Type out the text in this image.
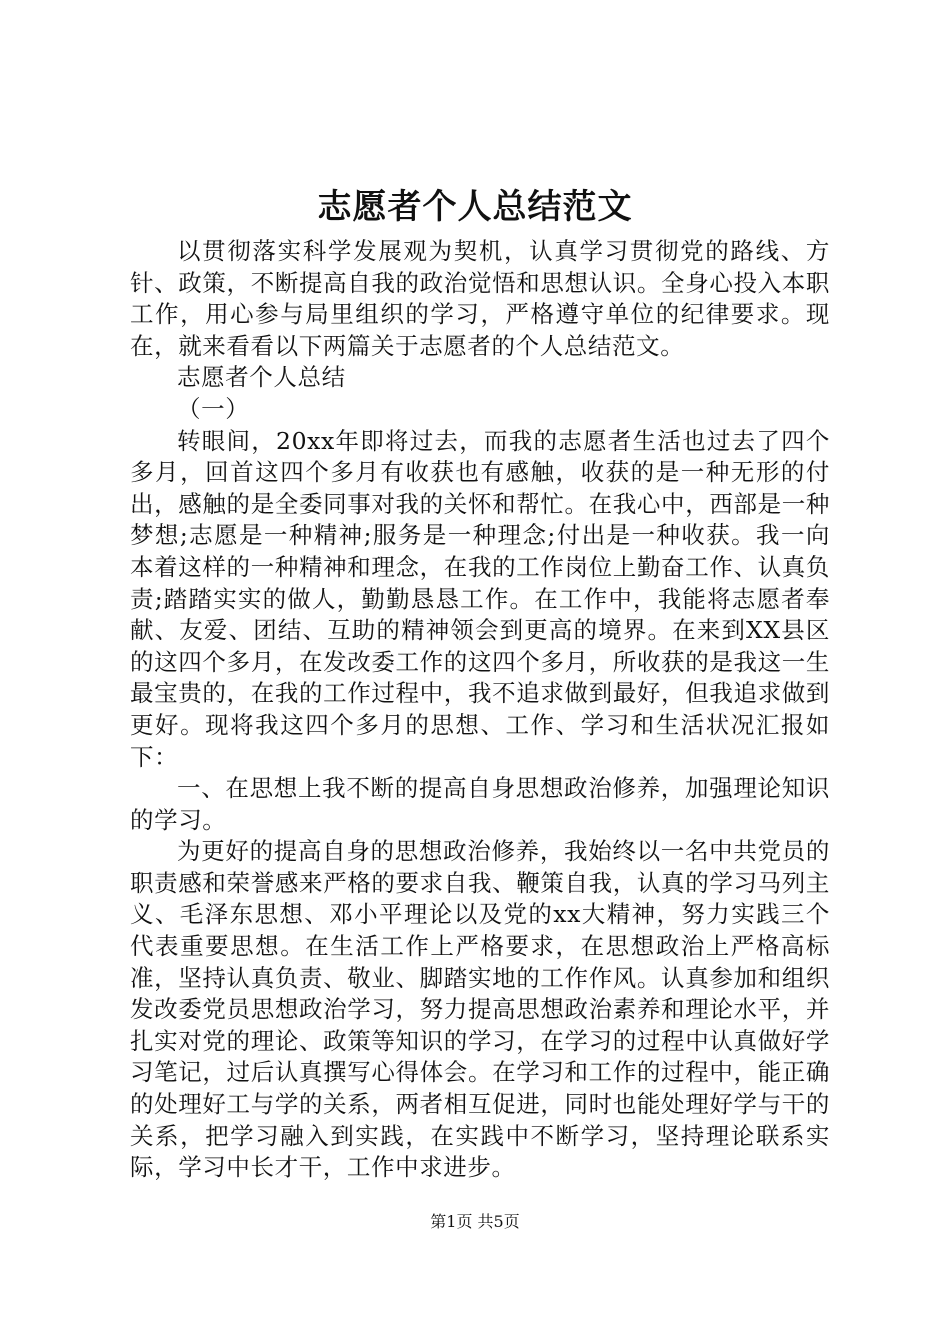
志愿者个人总结范文

以贯彻落实科学发展观为契机，认真学习贯彻党的路线、方针、政策，不断提高自我的政治觉悟和思想认识。全身心投入本职工作，用心参与局里组织的学习，严格遵守单位的纪律要求。现在，就来看看以下两篇关于志愿者的个人总结范文。

志愿者个人总结

（一）

转眼间，20xx年即将过去，而我的志愿者生活也过去了四个多月，回首这四个多月有收获也有感触，收获的是一种无形的付出，感触的是全委同事对我的关怀和帮忙。在我心中，西部是一种梦想;志愿是一种精神;服务是一种理念;付出是一种收获。我一向本着这样的一种精神和理念，在我的工作岗位上勤奋工作、认真负责;踏踏实实的做人，勤勤恳恳工作。在工作中，我能将志愿者奉献、友爱、团结、互助的精神领会到更高的境界。在来到XX县区的这四个多月，在发改委工作的这四个多月，所收获的是我这一生最宝贵的，在我的工作过程中，我不追求做到最好，但我追求做到更好。现将我这四个多月的思想、工作、学习和生活状况汇报如下：

一、在思想上我不断的提高自身思想政治修养，加强理论知识的学习。

为更好的提高自身的思想政治修养，我始终以一名中共党员的职责感和荣誉感来严格的要求自我、鞭策自我，认真的学习马列主义、毛泽东思想、邓小平理论以及党的xx大精神，努力实践三个代表重要思想。在生活工作上严格要求，在思想政治上严格高标准，坚持认真负责、敬业、脚踏实地的工作作风。认真参加和组织发改委党员思想政治学习，努力提高思想政治素养和理论水平，并扎实对党的理论、政策等知识的学习，在学习的过程中认真做好学习笔记，过后认真撰写心得体会。在学习和工作的过程中，能正确的处理好工与学的关系，两者相互促进，同时也能处理好学与干的关系，把学习融入到实践，在实践中不断学习，坚持理论联系实际，学习中长才干，工作中求进步。

第1页 共5页
